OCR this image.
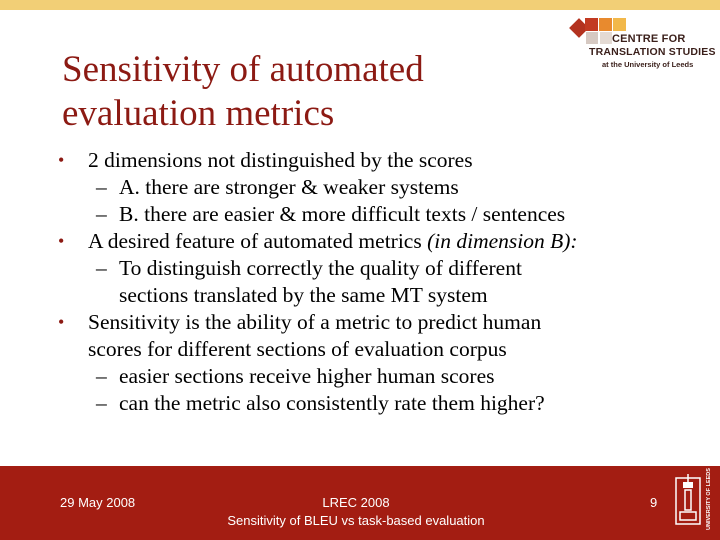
CENTRE FOR
TRANSLATION STUDIES
at the University of Leeds
Sensitivity of automated
evaluation metrics
• 2 dimensions not distinguished by the scores
– A. there are stronger & weaker systems
– B. there are easier & more difficult texts / sentences
• A desired feature of automated metrics (in dimension B):
– To distinguish correctly the quality of different
sections translated by the same MT system
• Sensitivity is the ability of a metric to predict human
scores for different sections of evaluation corpus
– easier sections receive higher human scores
– can the metric also consistently rate them higher?
29 May 2008	LREC 2008
Sensitivity of BLEU vs task-based evaluation
9	UNIVERSITY OF LEEDS
